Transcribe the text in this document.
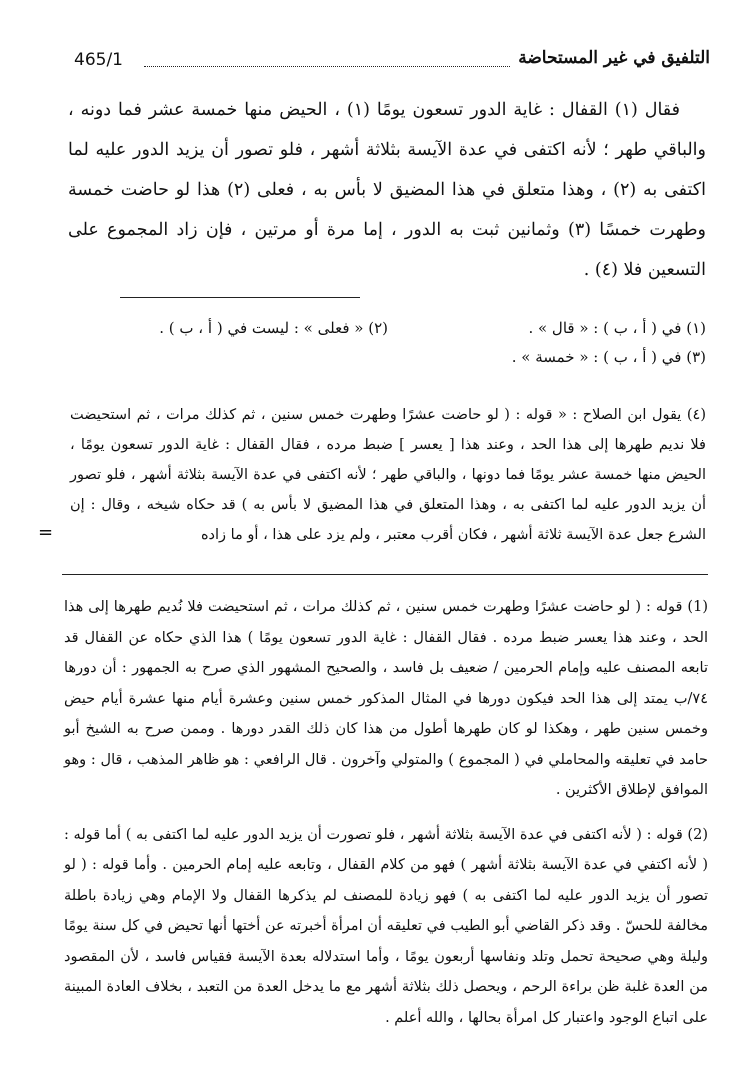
465/1	التلفيق في غير المستحاضة

فقال (١) القفال : غاية الدور تسعون يومًا (١) ، الحيض منها خمسة عشر فما دونه ، والباقي طهر ؛ لأنه اكتفى في عدة الآيسة بثلاثة أشهر ، فلو تصور أن يزيد الدور عليه لما اكتفى به (٢) ، وهذا متعلق في هذا المضيق لا بأس به ، فعلى (٢) هذا لو حاضت خمسة وطهرت خمسًا (٣) وثمانين ثبت به الدور ، إما مرة أو مرتين ، فإن زاد المجموع على التسعين فلا (٤) .

(١) في ( أ ، ب ) : « قال » .
(٢) « فعلى » : ليست في ( أ ، ب ) .
(٣) في ( أ ، ب ) : « خمسة » .

(٤) يقول ابن الصلاح : « قوله : ( لو حاضت عشرًا وطهرت خمس سنين ، ثم كذلك مرات ، ثم استحيضت فلا نديم طهرها إلى هذا الحد ، وعند هذا [ يعسر ] ضبط مرده ، فقال القفال : غاية الدور تسعون يومًا ، الحيض منها خمسة عشر يومًا فما دونها ، والباقي طهر ؛ لأنه اكتفى في عدة الآيسة بثلاثة أشهر ، فلو تصور أن يزيد الدور عليه لما اكتفى به ، وهذا المتعلق في هذا المضيق لا بأس به ) قد حكاه شيخه ، وقال : إن الشرع جعل عدة الآيسة ثلاثة أشهر ، فكان أقرب معتبر ، ولم يزد على هذا ، أو ما زاده

=

(1) قوله : ( لو حاضت عشرًا وطهرت خمس سنين ، ثم كذلك مرات ، ثم استحيضت فلا نُديم طهرها إلى هذا الحد ، وعند هذا يعسر ضبط مرده . فقال القفال : غاية الدور تسعون يومًا ) هذا الذي حكاه عن القفال قد تابعه المصنف عليه وإمام الحرمين / ضعيف بل فاسد ، والصحيح المشهور الذي صرح به الجمهور : أن دورها ٧٤/ب يمتد إلى هذا الحد فيكون دورها في المثال المذكور خمس سنين وعشرة أيام منها عشرة أيام حيض وخمس سنين طهر ، وهكذا لو كان طهرها أطول من هذا كان ذلك القدر دورها . وممن صرح به الشيخ أبو حامد في تعليقه والمحاملي في ( المجموع ) والمتولي وآخرون . قال الرافعي : هو ظاهر المذهب ، قال : وهو الموافق لإطلاق الأكثرين .

(2) قوله : ( لأنه اكتفى في عدة الآيسة بثلاثة أشهر ، فلو تصورت أن يزيد الدور عليه لما اكتفى به ) أما قوله : ( لأنه اكتفي في عدة الآيسة بثلاثة أشهر ) فهو من كلام القفال ، وتابعه عليه إمام الحرمين . وأما قوله : ( لو تصور أن يزيد الدور عليه لما اكتفى به ) فهو زيادة للمصنف لم يذكرها القفال ولا الإمام وهي زيادة باطلة مخالفة للحسّ . وقد ذكر القاضي أبو الطيب في تعليقه أن امرأة أخبرته عن أختها أنها تحيض في كل سنة يومًا وليلة وهي صحيحة تحمل وتلد ونفاسها أربعون يومًا ، وأما استدلاله بعدة الآيسة فقياس فاسد ، لأن المقصود من العدة غلبة ظن براءة الرحم ، ويحصل ذلك بثلاثة أشهر مع ما يدخل العدة من التعبد ، بخلاف العادة المبينة على اتباع الوجود واعتبار كل امرأة بحالها ، والله أعلم .
